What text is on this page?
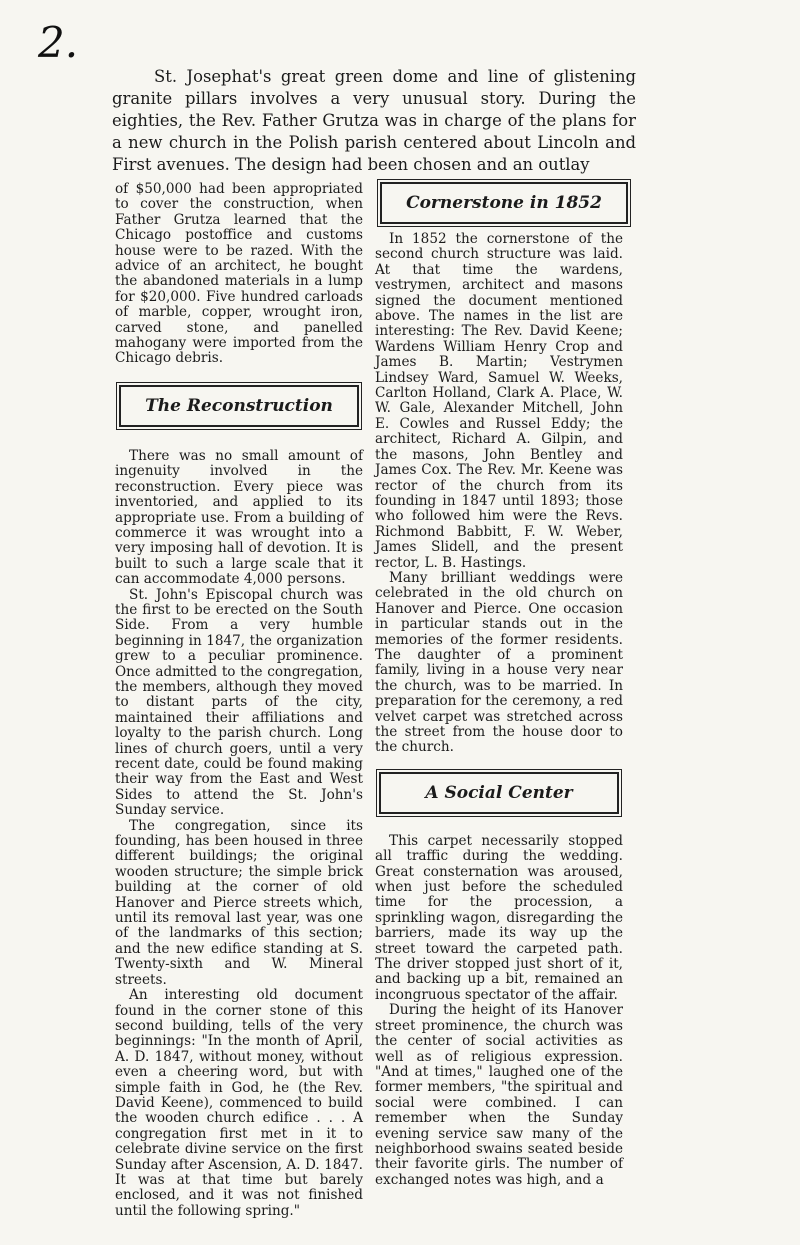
2.

St. Josephat's great green dome and line of glistening granite pillars involves a very unusual story. During the eighties, the Rev. Father Grutza was in charge of the plans for a new church in the Polish parish centered about Lincoln and First avenues. The design had been chosen and an outlay

Cornerstone in 1852

of $50,000 had been appropriated to cover the construction, when Father Grutza learned that the Chicago postoffice and customs house were to be razed. With the advice of an architect, he bought the abandoned materials in a lump for $20,000. Five hundred carloads of marble, copper, wrought iron, carved stone, and panelled mahogany were imported from the Chicago debris.

The Reconstruction

There was no small amount of ingenuity involved in the reconstruction. Every piece was inventoried, and applied to its appropriate use. From a building of commerce it was wrought into a very imposing hall of devotion. It is built to such a large scale that it can accommodate 4,000 persons.

St. John's Episcopal church was the first to be erected on the South Side. From a very humble beginning in 1847, the organization grew to a peculiar prominence. Once admitted to the congregation, the members, although they moved to distant parts of the city, maintained their affiliations and loyalty to the parish church. Long lines of church goers, until a very recent date, could be found making their way from the East and West Sides to attend the St. John's Sunday service.

The congregation, since its founding, has been housed in three different buildings; the original wooden structure; the simple brick building at the corner of old Hanover and Pierce streets which, until its removal last year, was one of the landmarks of this section; and the new edifice standing at S. Twenty-sixth and W. Mineral streets.

An interesting old document found in the corner stone of this second building, tells of the very beginnings: "In the month of April, A. D. 1847, without money, without even a cheering word, but with simple faith in God, he (the Rev. David Keene), commenced to build the wooden church edifice . . . A congregation first met in it to celebrate divine service on the first Sunday after Ascension, A. D. 1847. It was at that time but barely enclosed, and it was not finished until the following spring."

In 1852 the cornerstone of the second church structure was laid. At that time the wardens, vestrymen, architect and masons signed the document mentioned above. The names in the list are interesting: The Rev. David Keene; Wardens William Henry Crop and James B. Martin; Vestrymen Lindsey Ward, Samuel W. Weeks, Carlton Holland, Clark A. Place, W. W. Gale, Alexander Mitchell, John E. Cowles and Russel Eddy; the architect, Richard A. Gilpin, and the masons, John Bentley and James Cox. The Rev. Mr. Keene was rector of the church from its founding in 1847 until 1893; those who followed him were the Revs. Richmond Babbitt, F. W. Weber, James Slidell, and the present rector, L. B. Hastings.

Many brilliant weddings were celebrated in the old church on Hanover and Pierce. One occasion in particular stands out in the memories of the former residents. The daughter of a prominent family, living in a house very near the church, was to be married. In preparation for the ceremony, a red velvet carpet was stretched across the street from the house door to the church.

A Social Center

This carpet necessarily stopped all traffic during the wedding. Great consternation was aroused, when just before the scheduled time for the procession, a sprinkling wagon, disregarding the barriers, made its way up the street toward the carpeted path. The driver stopped just short of it, and backing up a bit, remained an incongruous spectator of the affair.

During the height of its Hanover street prominence, the church was the center of social activities as well as of religious expression. "And at times," laughed one of the former members, "the spiritual and social were combined. I can remember when the Sunday evening service saw many of the neighborhood swains seated beside their favorite girls. The number of exchanged notes was high, and a
